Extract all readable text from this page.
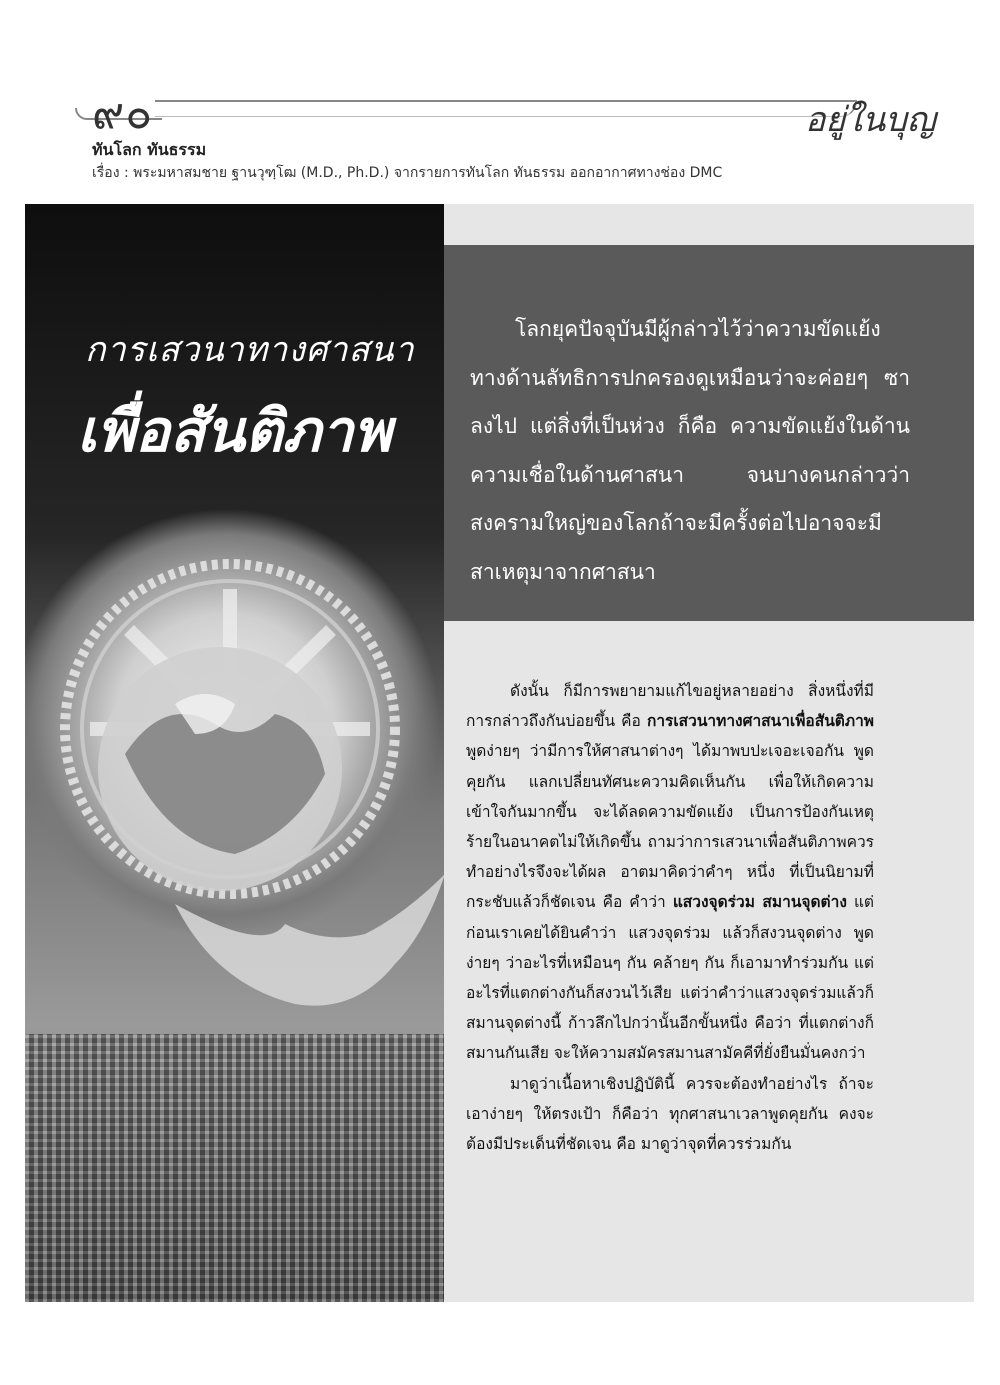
๙๐	อยู่ในบุญ
ทันโลก ทันธรรม
เรื่อง : พระมหาสมชาย ฐานวุฑฺโฒ (M.D., Ph.D.) จากรายการทันโลก ทันธรรม ออกอากาศทางช่อง DMC
การเสวนาทางศาสนา
เพื่อสันติภาพ

โลกยุคปัจจุบันมีผู้กล่าวไว้ว่าความขัดแย้งทางด้านลัทธิการปกครองดูเหมือนว่าจะค่อยๆ ซาลงไป แต่สิ่งที่เป็นห่วง ก็คือ ความขัดแย้งในด้านความเชื่อในด้านศาสนา จนบางคนกล่าวว่าสงครามใหญ่ของโลกถ้าจะมีครั้งต่อไปอาจจะมีสาเหตุมาจากศาสนา

ดังนั้น ก็มีการพยายามแก้ไขอยู่หลายอย่าง สิ่งหนึ่งที่มีการกล่าวถึงกันบ่อยขึ้น คือ การเสวนาทางศาสนาเพื่อสันติภาพ พูดง่ายๆ ว่ามีการให้ศาสนาต่างๆ ได้มาพบปะเจอะเจอกัน พูดคุยกัน แลกเปลี่ยนทัศนะความคิดเห็นกัน เพื่อให้เกิดความเข้าใจกันมากขึ้น จะได้ลดความขัดแย้ง เป็นการป้องกันเหตุร้ายในอนาคตไม่ให้เกิดขึ้น ถามว่าการเสวนาเพื่อสันติภาพควรทำอย่างไรจึงจะได้ผล อาตมาคิดว่าคำๆ หนึ่ง ที่เป็นนิยามที่กระชับแล้วก็ชัดเจน คือ คำว่า แสวงจุดร่วม สมานจุดต่าง แต่ก่อนเราเคยได้ยินคำว่า แสวงจุดร่วม แล้วก็สงวนจุดต่าง พูดง่ายๆ ว่าอะไรที่เหมือนๆ กัน คล้ายๆ กัน ก็เอามาทำร่วมกัน แต่อะไรที่แตกต่างกันก็สงวนไว้เสีย แต่ว่าคำว่าแสวงจุดร่วมแล้วก็สมานจุดต่างนี้ ก้าวลึกไปกว่านั้นอีกขั้นหนึ่ง คือว่า ที่แตกต่างก็สมานกันเสีย จะให้ความสมัครสมานสามัคคีที่ยั่งยืนมั่นคงกว่า

มาดูว่าเนื้อหาเชิงปฏิบัตินี้ ควรจะต้องทำอย่างไร ถ้าจะเอาง่ายๆ ให้ตรงเป้า ก็คือว่า ทุกศาสนาเวลาพูดคุยกัน คงจะต้องมีประเด็นที่ชัดเจน คือ มาดูว่าจุดที่ควรร่วมกัน
